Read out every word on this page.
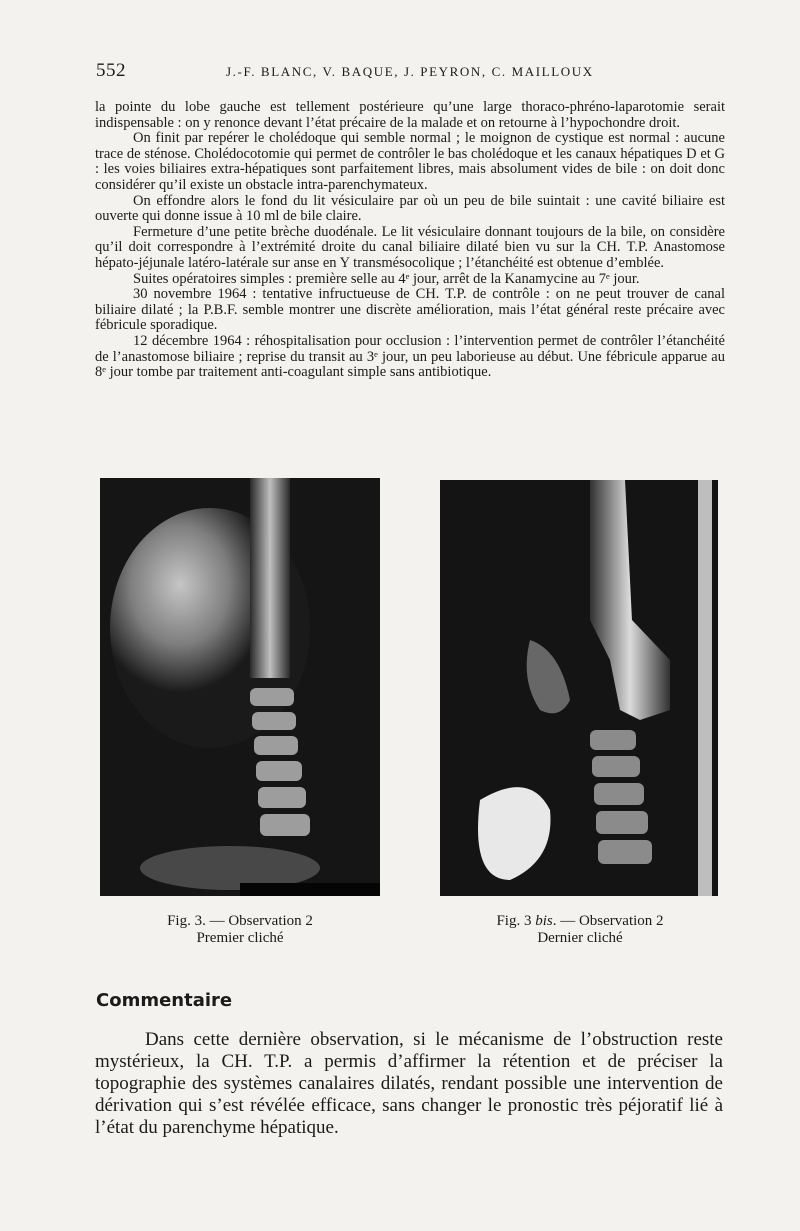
552	J.-F. BLANC, V. BAQUE, J. PEYRON, C. MAILLOUX

la pointe du lobe gauche est tellement postérieure qu’une large thoraco-phréno-laparotomie serait indispensable : on y renonce devant l’état précaire de la malade et on retourne à l’hypochondre droit.

On finit par repérer le cholédoque qui semble normal ; le moignon de cystique est normal : aucune trace de sténose. Cholédocotomie qui permet de contrôler le bas cholédoque et les canaux hépatiques D et G : les voies biliaires extra-hépatiques sont parfaitement libres, mais absolument vides de bile : on doit donc considérer qu’il existe un obstacle intra-parenchymateux.

On effondre alors le fond du lit vésiculaire par où un peu de bile suintait : une cavité biliaire est ouverte qui donne issue à 10 ml de bile claire.

Fermeture d’une petite brèche duodénale. Le lit vésiculaire donnant toujours de la bile, on considère qu’il doit correspondre à l’extrémité droite du canal biliaire dilaté bien vu sur la CH. T.P. Anastomose hépato-jéjunale latéro-latérale sur anse en Y transmésocolique ; l’étanchéité est obtenue d’emblée.

Suites opératoires simples : première selle au 4ᵉ jour, arrêt de la Kanamycine au 7ᵉ jour.

30 novembre 1964 : tentative infructueuse de CH. T.P. de contrôle : on ne peut trouver de canal biliaire dilaté ; la P.B.F. semble montrer une discrète amélioration, mais l’état général reste précaire avec fébricule sporadique.

12 décembre 1964 : réhospitalisation pour occlusion : l’intervention permet de contrôler l’étanchéité de l’anastomose biliaire ; reprise du transit au 3ᵉ jour, un peu laborieuse au début. Une fébricule apparue au 8ᵉ jour tombe par traitement anti-coagulant simple sans antibiotique.

Fig. 3. — Observation 2
Premier cliché
Fig. 3 bis. — Observation 2
Dernier cliché
Commentaire

Dans cette dernière observation, si le mécanisme de l’obstruction reste mystérieux, la CH. T.P. a permis d’affirmer la rétention et de préciser la topographie des systèmes canalaires dilatés, rendant possible une intervention de dérivation qui s’est révélée efficace, sans changer le pronostic très péjoratif lié à l’état du parenchyme hépatique.
